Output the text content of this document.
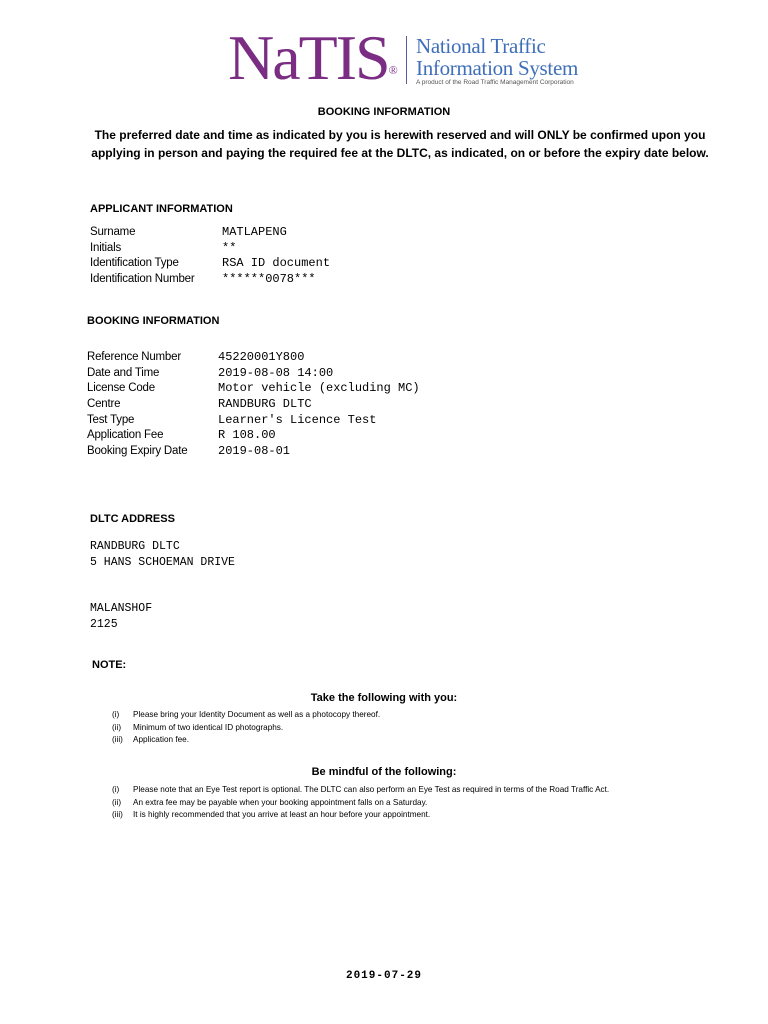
NaTIS®
National Traffic
Information System
A product of the Road Traffic Management Corporation
BOOKING INFORMATION
The preferred date and time as indicated by you is herewith reserved and will ONLY be confirmed upon you applying in person and paying the required fee at the DLTC, as indicated, on or before the expiry date below.
APPLICANT INFORMATION
Surname	MATLAPENG
Initials	**
Identification Type	RSA ID document
Identification Number ******0078***
BOOKING INFORMATION
Reference Number	45220001Y800
Date and Time	2019-08-08 14:00
License Code	Motor vehicle (excluding MC)
Centre	RANDBURG DLTC
Test Type	Learner's Licence Test
Application Fee	R 108.00
Booking Expiry Date	2019-08-01
DLTC ADDRESS
RANDBURG DLTC
5 HANS SCHOEMAN DRIVE
MALANSHOF
2125
NOTE:
Take the following with you:
(i) Please bring your Identity Document as well as a photocopy thereof.
(ii) Minimum of two identical ID photographs.
(iii) Application fee.
Be mindful of the following:
(i) Please note that an Eye Test report is optional. The DLTC can also perform an Eye Test as required in terms of the Road Traffic Act.
(ii) An extra fee may be payable when your booking appointment falls on a Saturday.
(iii) It is highly recommended that you arrive at least an hour before your appointment.
2019-07-29
